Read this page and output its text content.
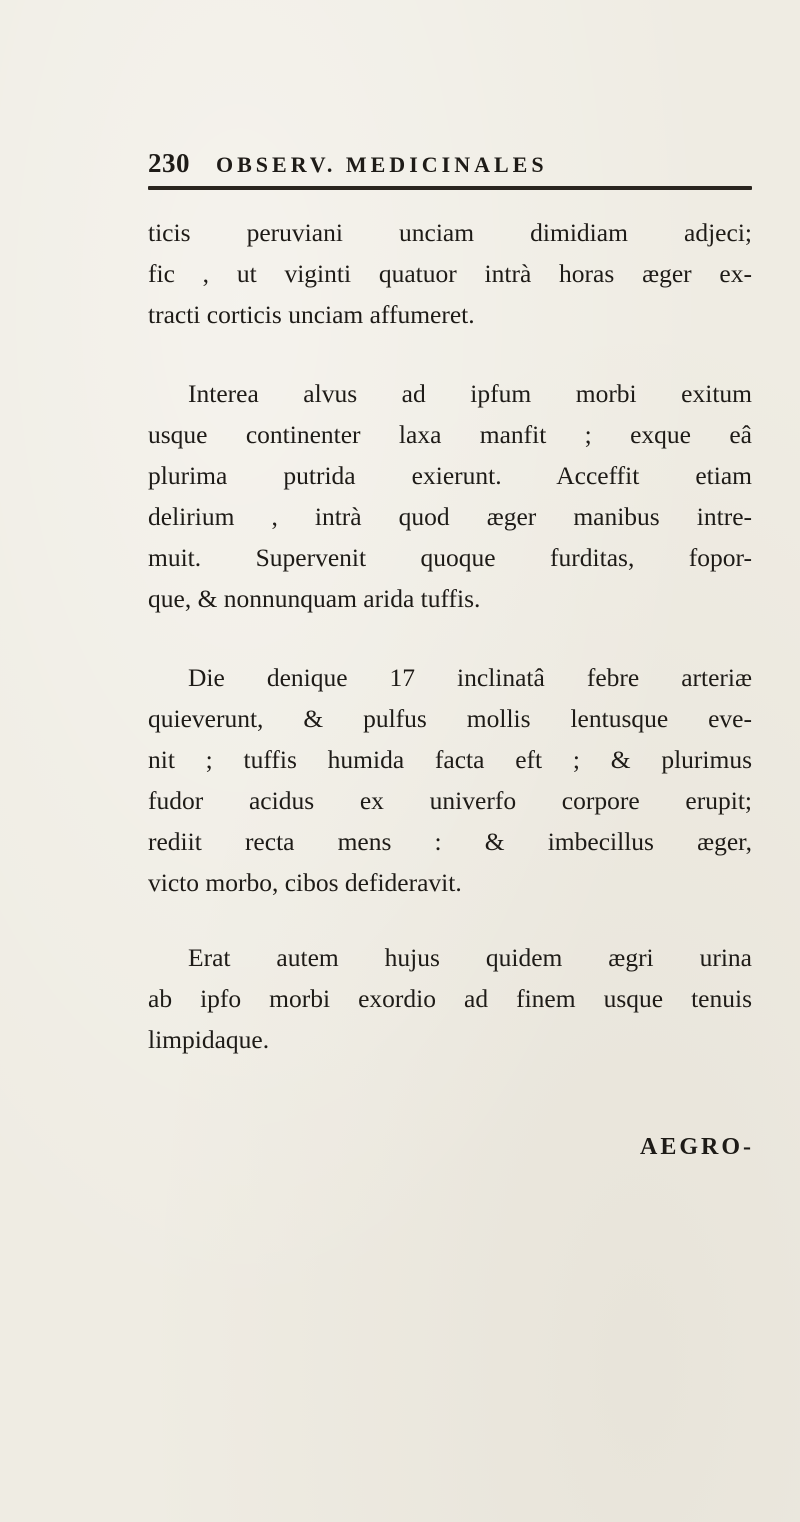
230 OBSERV. MEDICINALES

ticis peruviani unciam dimidiam adjeci;
fic , ut viginti quatuor intrà horas æger ex-
tracti corticis unciam affumeret.

Interea alvus ad ipfum morbi exitum
usque continenter laxa manfit ; exque eâ
plurima putrida exierunt. Acceffit etiam
delirium , intrà quod æger manibus intre-
muit. Supervenit quoque furditas, fopor-
que, & nonnunquam arida tuffis.

Die denique 17 inclinatâ febre arteriæ
quieverunt, & pulfus mollis lentusque eve-
nit ; tuffis humida facta eft ; & plurimus
fudor acidus ex univerfo corpore erupit;
rediit recta mens : & imbecillus æger,
victo morbo, cibos defideravit.

Erat autem hujus quidem ægri urina
ab ipfo morbi exordio ad finem usque tenuis
limpidaque.

AEGRO-
